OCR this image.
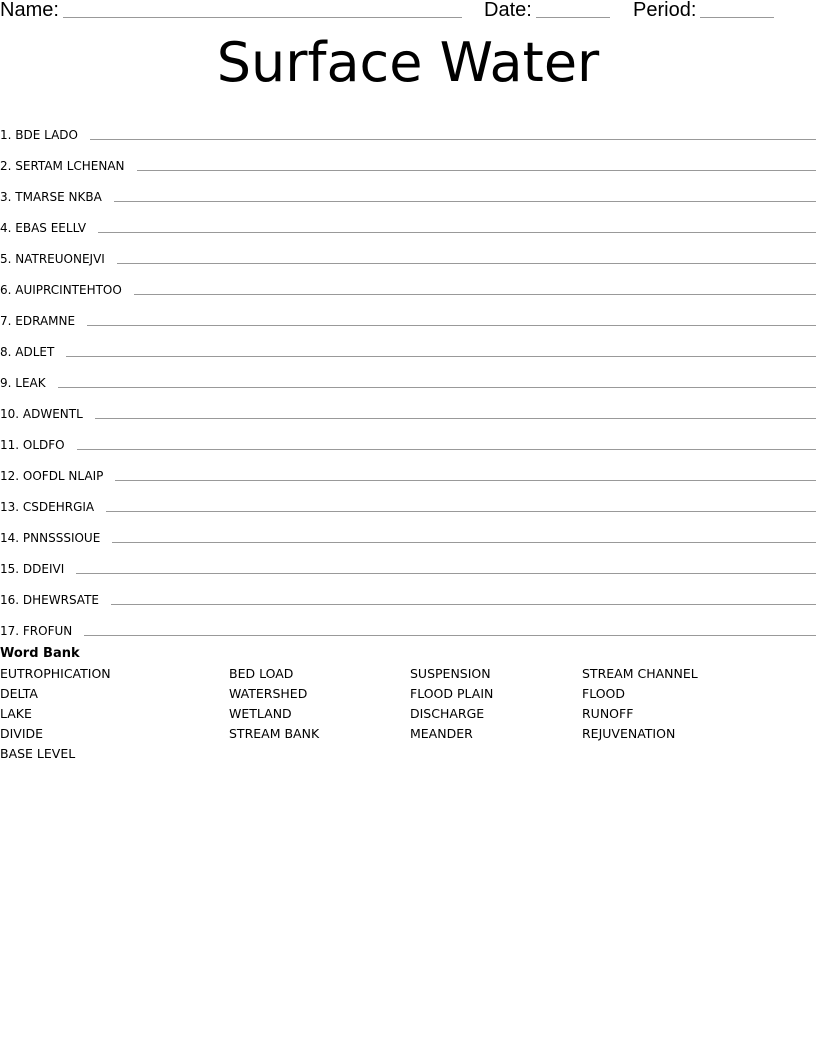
Name:	Date:	Period:
Surface Water
1. BDE LADO
2. SERTAM LCHENAN
3. TMARSE NKBA
4. EBAS EELLV
5. NATREUONEJVI
6. AUIPRCINTEHTOO
7. EDRAMNE
8. ADLET
9. LEAK
10. ADWENTL
11. OLDFO
12. OOFDL NLAIP
13. CSDEHRGIA
14. PNNSSSIOUE
15. DDEIVI
16. DHEWRSATE
17. FROFUN
Word Bank
EUTROPHICATION	BED LOAD	SUSPENSION	STREAM CHANNEL
DELTA	WATERSHED	FLOOD PLAIN	FLOOD
LAKE	WETLAND	DISCHARGE	RUNOFF
DIVIDE	STREAM BANK	MEANDER	REJUVENATION
BASE LEVEL
